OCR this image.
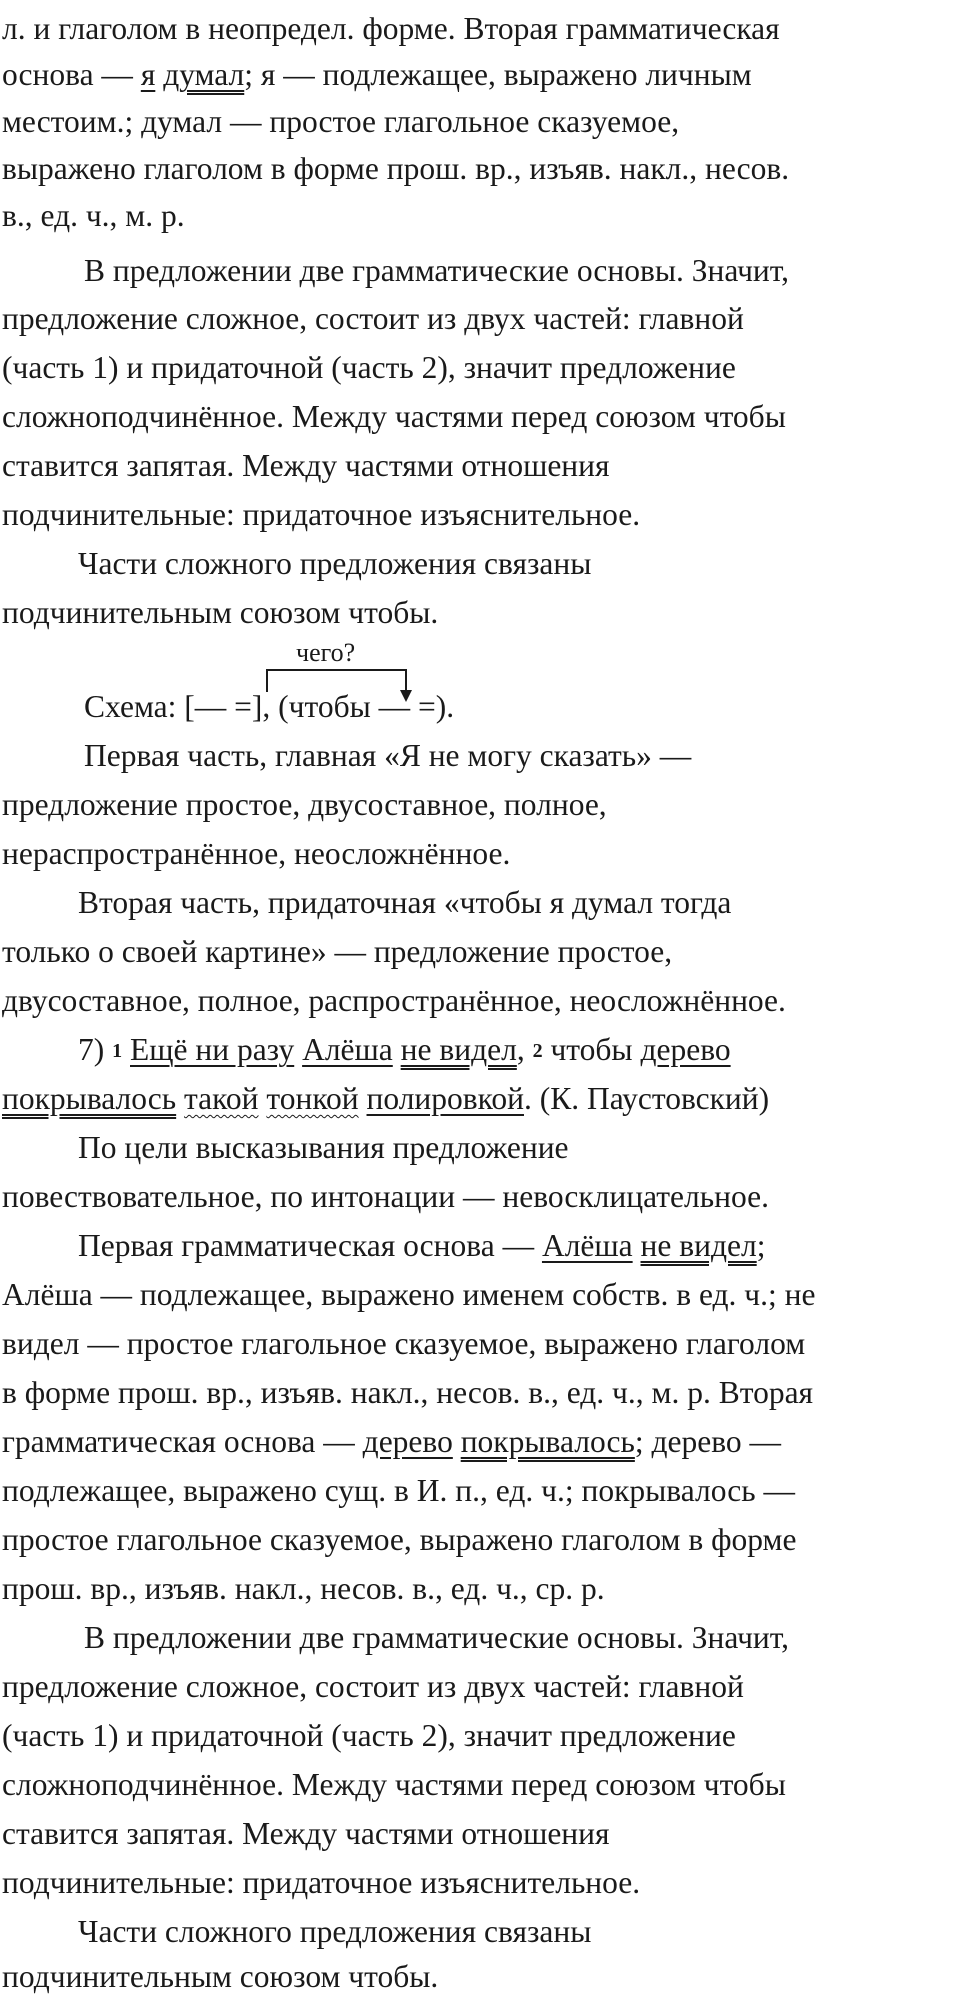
л. и глаголом в неопредел. форме. Вторая грамматическая
основа — я думал; я — подлежащее, выражено личным
местоим.; думал — простое глагольное сказуемое,
выражено глаголом в форме прош. вр., изъяв. накл., несов.
в., ед. ч., м. р.
В предложении две грамматические основы. Значит,
предложение сложное, состоит из двух частей: главной
(часть 1) и придаточной (часть 2), значит предложение
сложноподчинённое. Между частями перед союзом чтобы
ставится запятая. Между частями отношения
подчинительные: придаточное изъяснительное.
Части сложного предложения связаны
подчинительным союзом чтобы.
чего?
Схема: [— =], (чтобы — =).
Первая часть, главная «Я не могу сказать» —
предложение простое, двусоставное, полное,
нераспространённое, неосложнённое.
Вторая часть, придаточная «чтобы я думал тогда
только о своей картине» — предложение простое,
двусоставное, полное, распространённое, неосложнённое.
7) 1 Ещё ни разу Алёша не видел, 2 чтобы дерево
покрывалось такой тонкой полировкой. (К. Паустовский)
По цели высказывания предложение
повествовательное, по интонации — невосклицательное.
Первая грамматическая основа — Алёша не видел;
Алёша — подлежащее, выражено именем собств. в ед. ч.; не
видел — простое глагольное сказуемое, выражено глаголом
в форме прош. вр., изъяв. накл., несов. в., ед. ч., м. р. Вторая
грамматическая основа — дерево покрывалось; дерево —
подлежащее, выражено сущ. в И. п., ед. ч.; покрывалось —
простое глагольное сказуемое, выражено глаголом в форме
прош. вр., изъяв. накл., несов. в., ед. ч., ср. р.
В предложении две грамматические основы. Значит,
предложение сложное, состоит из двух частей: главной
(часть 1) и придаточной (часть 2), значит предложение
сложноподчинённое. Между частями перед союзом чтобы
ставится запятая. Между частями отношения
подчинительные: придаточное изъяснительное.
Части сложного предложения связаны
подчинительным союзом чтобы.
